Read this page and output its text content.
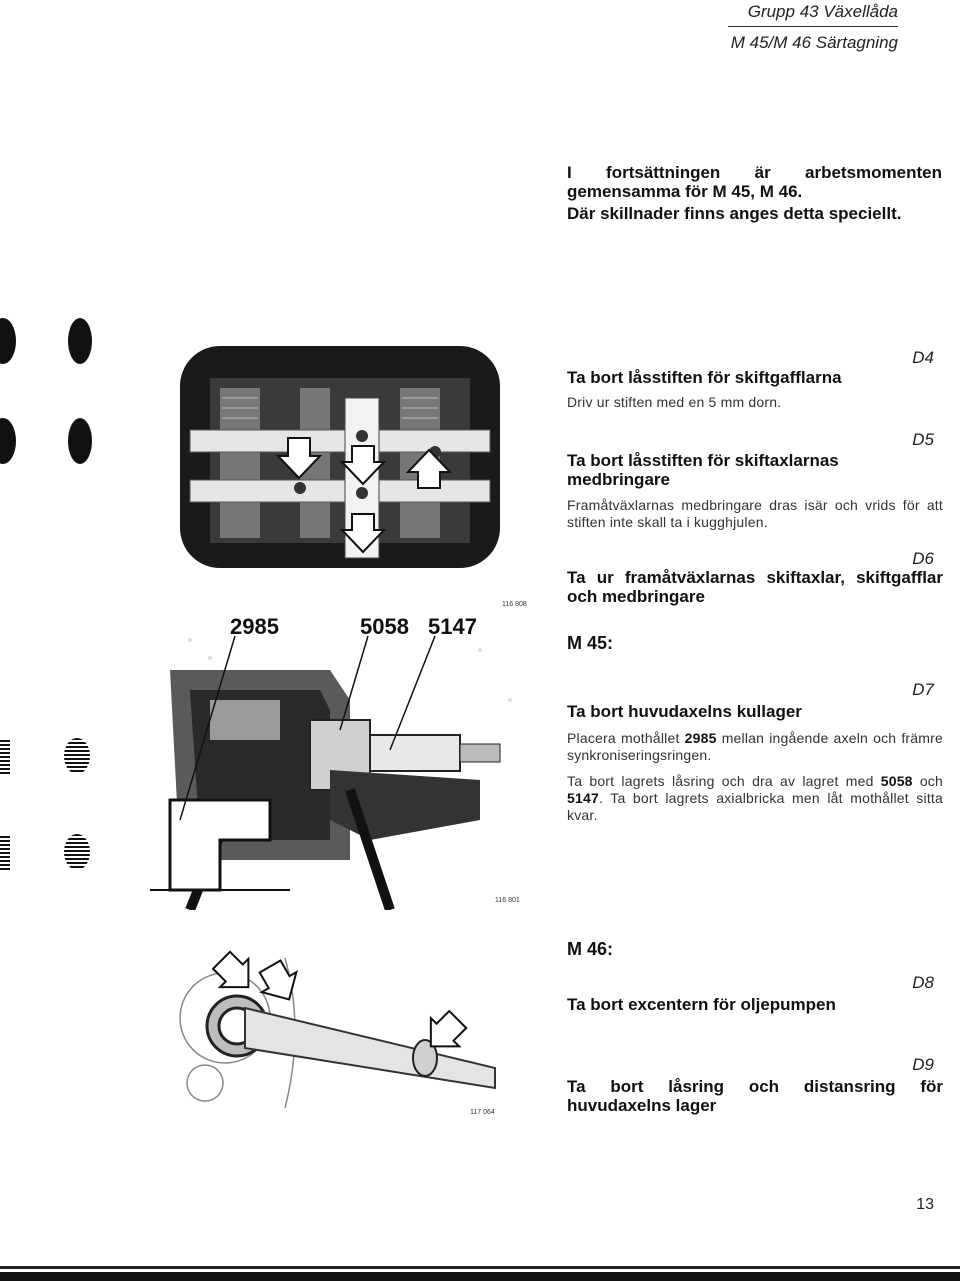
Grupp 43 Växellåda
M 45/M 46 Särtagning
I fortsättningen är arbetsmomenten gemensamma för M 45, M 46.
Där skillnader finns anges detta speciellt.
116 808
2985	5058 5147
116 801
117 064
D4
Ta bort låsstiften för skiftgafflarna
Driv ur stiften med en 5 mm dorn.
D5
Ta bort låsstiften för skiftaxlarnas medbringare
Framåtväxlarnas medbringare dras isär och vrids för att stiften inte skall ta i kugghjulen.
D6
Ta ur framåtväxlarnas skiftaxlar, skiftgafflar och medbringare
M 45:
D7
Ta bort huvudaxelns kullager
Placera mothållet 2985 mellan ingående axeln och främre synkroniseringsringen.
Ta bort lagrets låsring och dra av lagret med 5058 och 5147. Ta bort lagrets axialbricka men låt mothållet sitta kvar.
M 46:
D8
Ta bort excentern för oljepumpen
D9
Ta bort låsring och distansring för huvudaxelns lager
13
